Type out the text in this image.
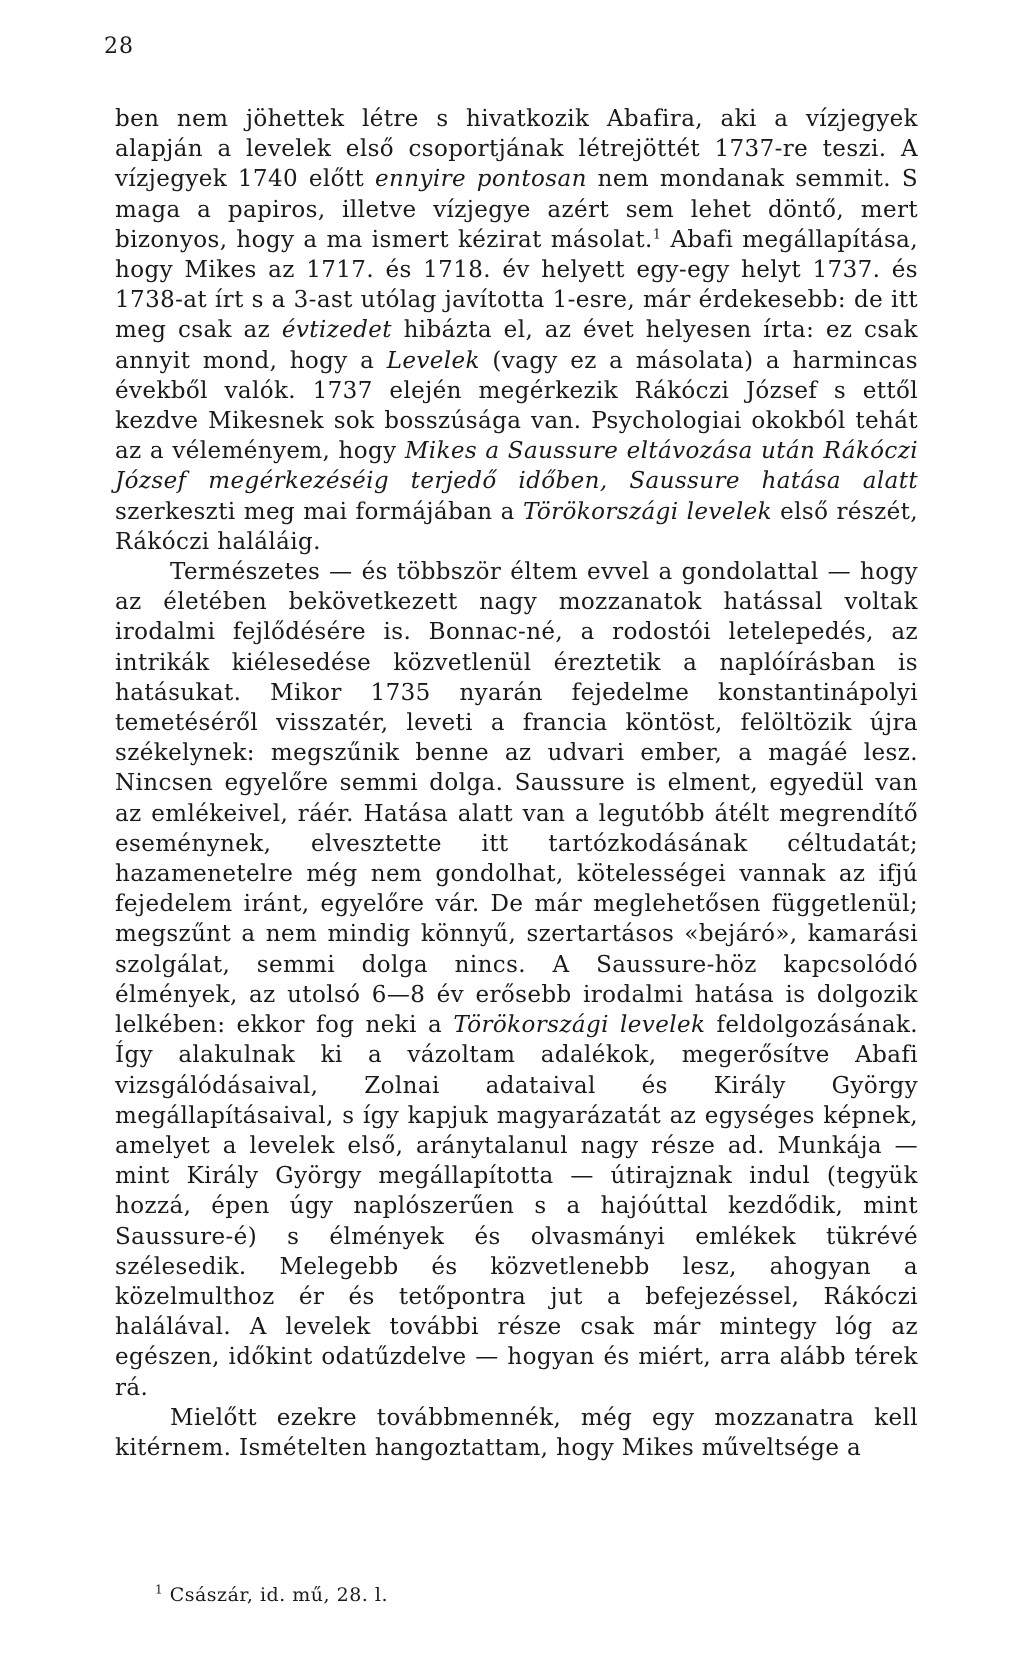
28

ben nem jöhettek létre s hivatkozik Abafira, aki a vízjegyek alapján a levelek első csoportjának létrejöttét 1737-re teszi. A vízjegyek 1740 előtt ennyire pontosan nem mondanak semmit. S maga a papiros, illetve vízjegye azért sem lehet döntő, mert bizonyos, hogy a ma ismert kézirat másolat.$^1$ Abafi megállapítása, hogy Mikes az 1717. és 1718. év helyett egy-egy helyt 1737. és 1738-at írt s a 3-ast utólag javította 1-esre, már érdekesebb: de itt meg csak az évtizedet hibázta el, az évet helyesen írta: ez csak annyit mond, hogy a Levelek (vagy ez a másolata) a harmincas évekből valók. 1737 elején megérkezik Rákóczi József s ettől kezdve Mikesnek sok bosszúsága van. Psychologiai okokból tehát az a véleményem, hogy Mikes a Saussure eltávozása után Rákóczi József megérkezéséig terjedő időben, Saussure hatása alatt szerkeszti meg mai formájában a Törökországi levelek első részét, Rákóczi haláláig.

Természetes — és többször éltem evvel a gondolattal — hogy az életében bekövetkezett nagy mozzanatok hatással voltak irodalmi fejlődésére is. Bonnac-né, a rodostói letelepedés, az intrikák kiélesedése közvetlenül éreztetik a naplóírásban is hatásukat. Mikor 1735 nyarán fejedelme konstantinápolyi temetéséről visszatér, leveti a francia köntöst, felöltözik újra székelynek: megszűnik benne az udvari ember, a magáé lesz. Nincsen egyelőre semmi dolga. Saussure is elment, egyedül van az emlékeivel, ráér. Hatása alatt van a legutóbb átélt megrendítő eseménynek, elvesztette itt tartózkodásának céltudatát; hazamenetelre még nem gondolhat, kötelességei vannak az ifjú fejedelem iránt, egyelőre vár. De már meglehetősen függetlenül; megszűnt a nem mindig könnyű, szertartásos «bejáró», kamarási szolgálat, semmi dolga nincs. A Saussure-höz kapcsolódó élmények, az utolsó 6—8 év erősebb irodalmi hatása is dolgozik lelkében: ekkor fog neki a Törökországi levelek feldolgozásának. Így alakulnak ki a vázoltam adalékok, megerősítve Abafi vizsgálódásaival, Zolnai adataival és Király György megállapításaival, s így kapjuk magyarázatát az egységes képnek, amelyet a levelek első, aránytalanul nagy része ad. Munkája — mint Király György megállapította — útirajznak indul (tegyük hozzá, épen úgy naplószerűen s a hajóúttal kezdődik, mint Saussure-é) s élmények és olvasmányi emlékek tükrévé szélesedik. Melegebb és közvetlenebb lesz, ahogyan a közelmulthoz ér és tetőpontra jut a befejezéssel, Rákóczi halálával. A levelek további része csak már mintegy lóg az egészen, időkint odatűzdelve — hogyan és miért, arra alább térek rá.

Mielőtt ezekre továbbmennék, még egy mozzanatra kell kitérnem. Ismételten hangoztattam, hogy Mikes műveltsége a

$^1$ Császár, id. mű, 28. l.
